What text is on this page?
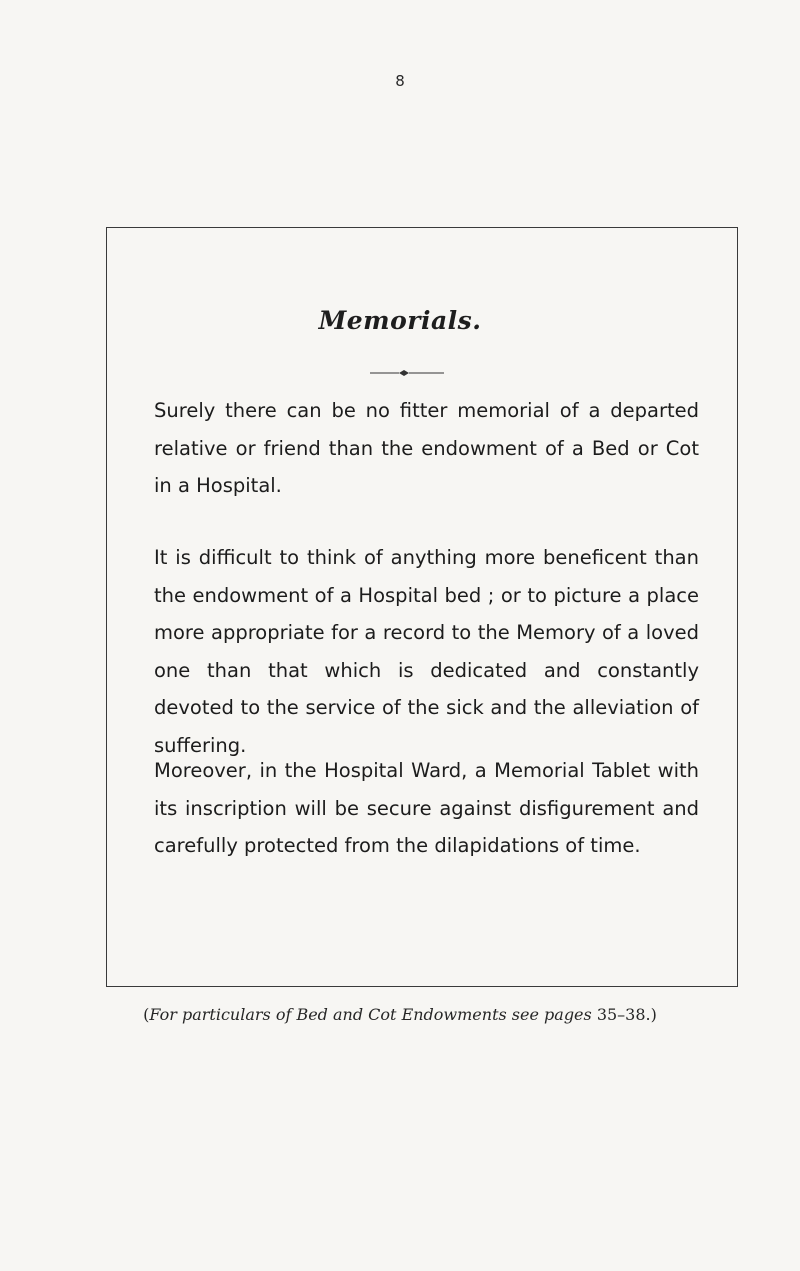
8
Memorials.

Surely there can be no fitter memorial of a departed relative or friend than the endowment of a Bed or Cot in a Hospital.

It is difficult to think of anything more beneficent than the endowment of a Hospital bed ; or to picture a place more appropriate for a record to the Memory of a loved one than that which is dedicated and constantly devoted to the service of the sick and the alleviation of suffering.

Moreover, in the Hospital Ward, a Memorial Tablet with its inscription will be secure against disfigurement and carefully protected from the dilapidations of time.

(For particulars of Bed and Cot Endowments see pages 35–38.)
